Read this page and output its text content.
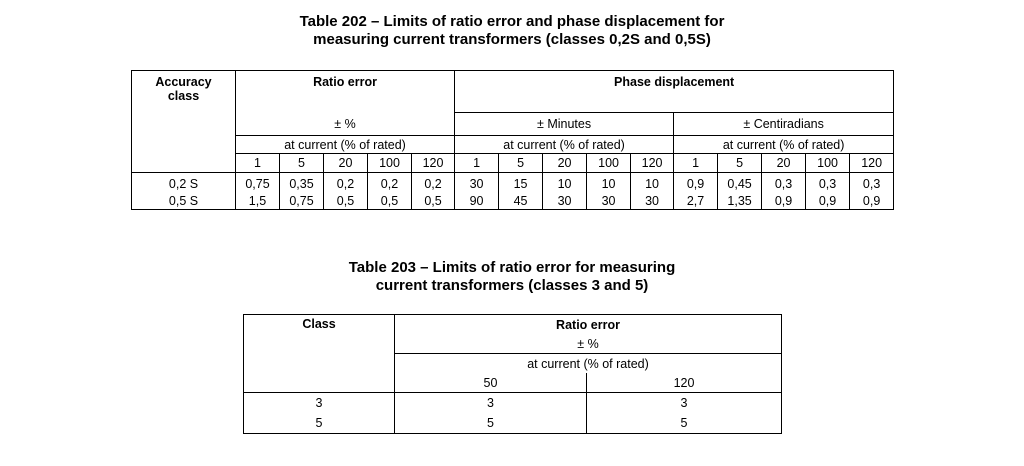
Table 202 – Limits of ratio error and phase displacement for
measuring current transformers (classes 0,2S and 0,5S)
Accuracy
class	Ratio error					Phase displacement									
	± %					± Minutes					± Centiradians				
	at current (% of rated)					at current (% of rated)					at current (% of rated)				
	1	5	20	100	120	1	5	20	100	120	1	5	20	100	120
0,2 S	0,75	0,35	0,2	0,2	0,2	30	15	10	10	10	0,9	0,45	0,3	0,3	0,3
0,5 S	1,5	0,75	0,5	0,5	0,5	90	45	30	30	30	2,7	1,35	0,9	0,9	0,9
Table 203 – Limits of ratio error for measuring
current transformers (classes 3 and 5)
Class	Ratio error	
	± %	
	at current (% of rated)	
	50	120
3	3	3
5	5	5
